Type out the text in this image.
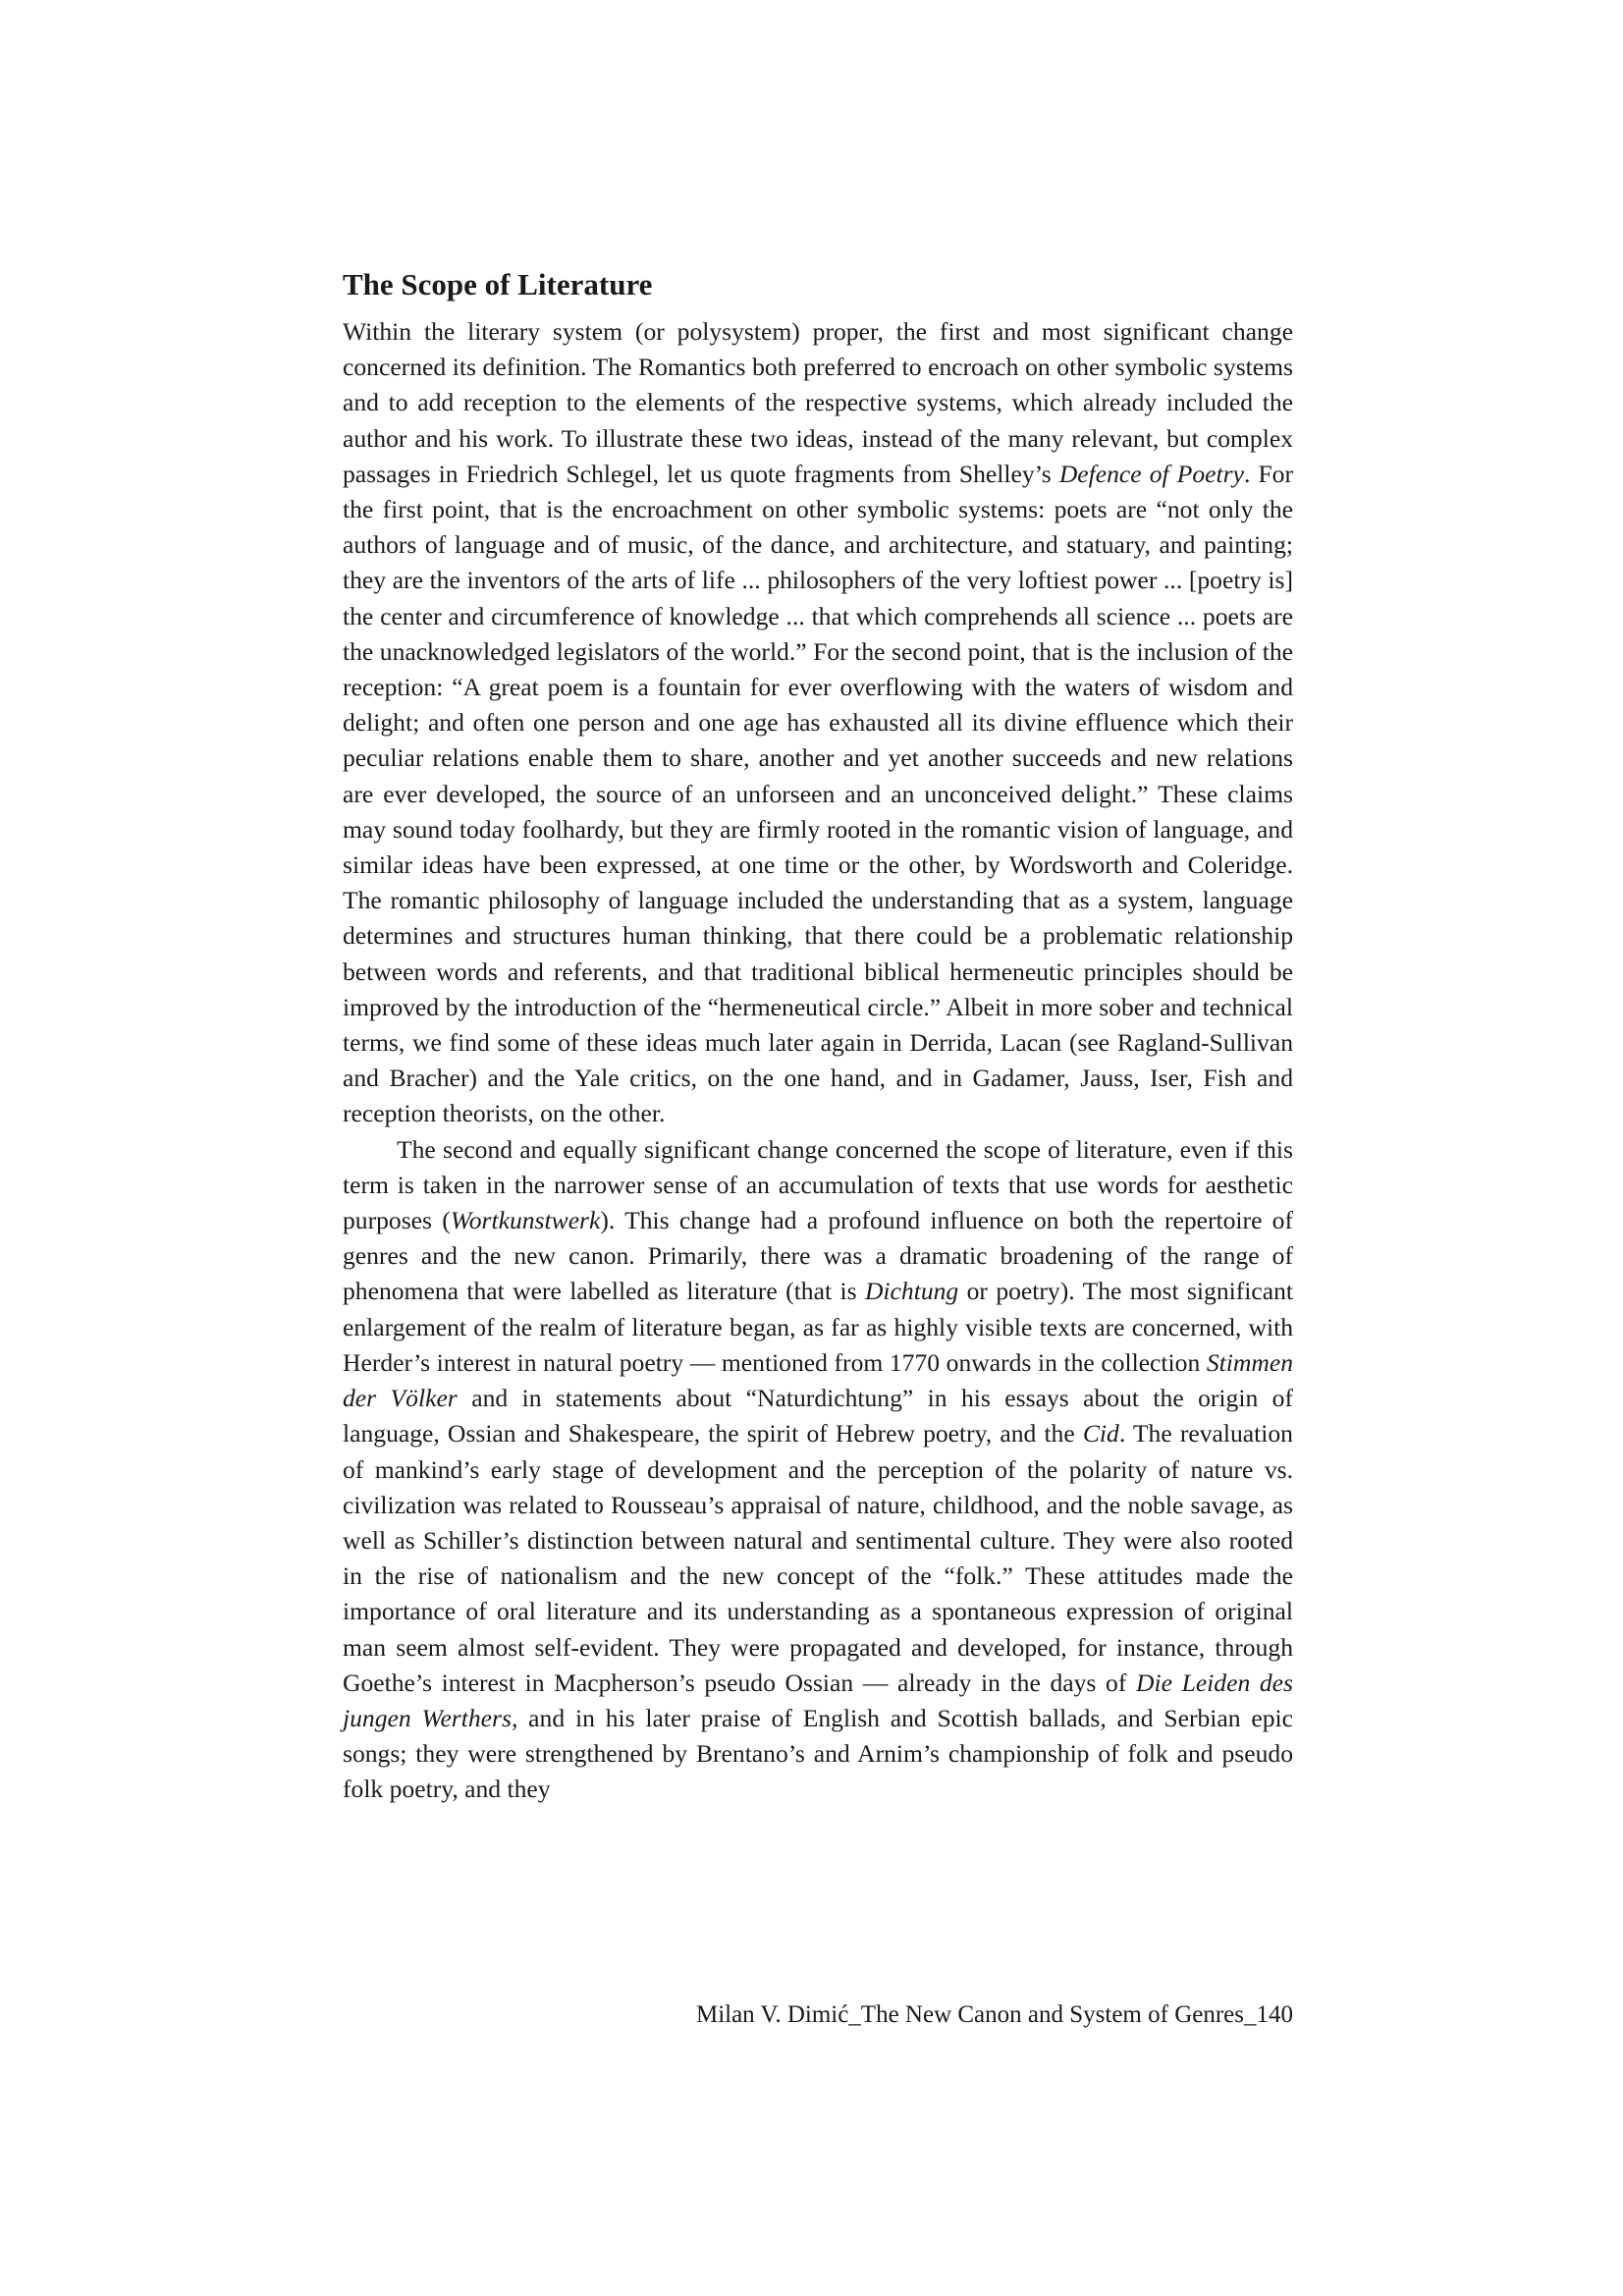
The Scope of Literature

Within the literary system (or polysystem) proper, the first and most significant change concerned its definition. The Romantics both preferred to encroach on other symbolic systems and to add reception to the elements of the respective systems, which already included the author and his work. To illustrate these two ideas, instead of the many relevant, but complex passages in Friedrich Schlegel, let us quote fragments from Shelley’s Defence of Poetry. For the first point, that is the encroachment on other symbolic systems: poets are “not only the authors of language and of music, of the dance, and architecture, and statuary, and painting; they are the inventors of the arts of life ... philosophers of the very loftiest power ... [poetry is] the center and circumference of knowledge ... that which comprehends all science ... poets are the unacknowledged legislators of the world.” For the second point, that is the inclusion of the reception: “A great poem is a fountain for ever overflowing with the waters of wisdom and delight; and often one person and one age has exhausted all its divine effluence which their peculiar relations enable them to share, another and yet another succeeds and new relations are ever developed, the source of an unforseen and an unconceived delight.” These claims may sound today foolhardy, but they are firmly rooted in the romantic vision of language, and similar ideas have been expressed, at one time or the other, by Wordsworth and Coleridge. The romantic philosophy of language included the understanding that as a system, language determines and structures human thinking, that there could be a problematic relationship between words and referents, and that traditional biblical hermeneutic principles should be improved by the introduction of the “hermeneutical circle.” Albeit in more sober and technical terms, we find some of these ideas much later again in Derrida, Lacan (see Ragland-Sullivan and Bracher) and the Yale critics, on the one hand, and in Gadamer, Jauss, Iser, Fish and reception theorists, on the other.

The second and equally significant change concerned the scope of literature, even if this term is taken in the narrower sense of an accumulation of texts that use words for aesthetic purposes (Wortkunstwerk). This change had a profound influence on both the repertoire of genres and the new canon. Primarily, there was a dramatic broadening of the range of phenomena that were labelled as literature (that is Dichtung or poetry). The most significant enlargement of the realm of literature began, as far as highly visible texts are concerned, with Herder’s interest in natural poetry — mentioned from 1770 onwards in the collection Stimmen der Völker and in statements about “Naturdichtung” in his essays about the origin of language, Ossian and Shakespeare, the spirit of Hebrew poetry, and the Cid. The revaluation of mankind’s early stage of development and the perception of the polarity of nature vs. civilization was related to Rousseau’s appraisal of nature, childhood, and the noble savage, as well as Schiller’s distinction between natural and sentimental culture. They were also rooted in the rise of nationalism and the new concept of the “folk.” These attitudes made the importance of oral literature and its understanding as a spontaneous expression of original man seem almost self-evident. They were propagated and developed, for instance, through Goethe’s interest in Macpherson’s pseudo Ossian — already in the days of Die Leiden des jungen Werthers, and in his later praise of English and Scottish ballads, and Serbian epic songs; they were strengthened by Brentano’s and Arnim’s championship of folk and pseudo folk poetry, and they

Milan V. Dimić_The New Canon and System of Genres_140
